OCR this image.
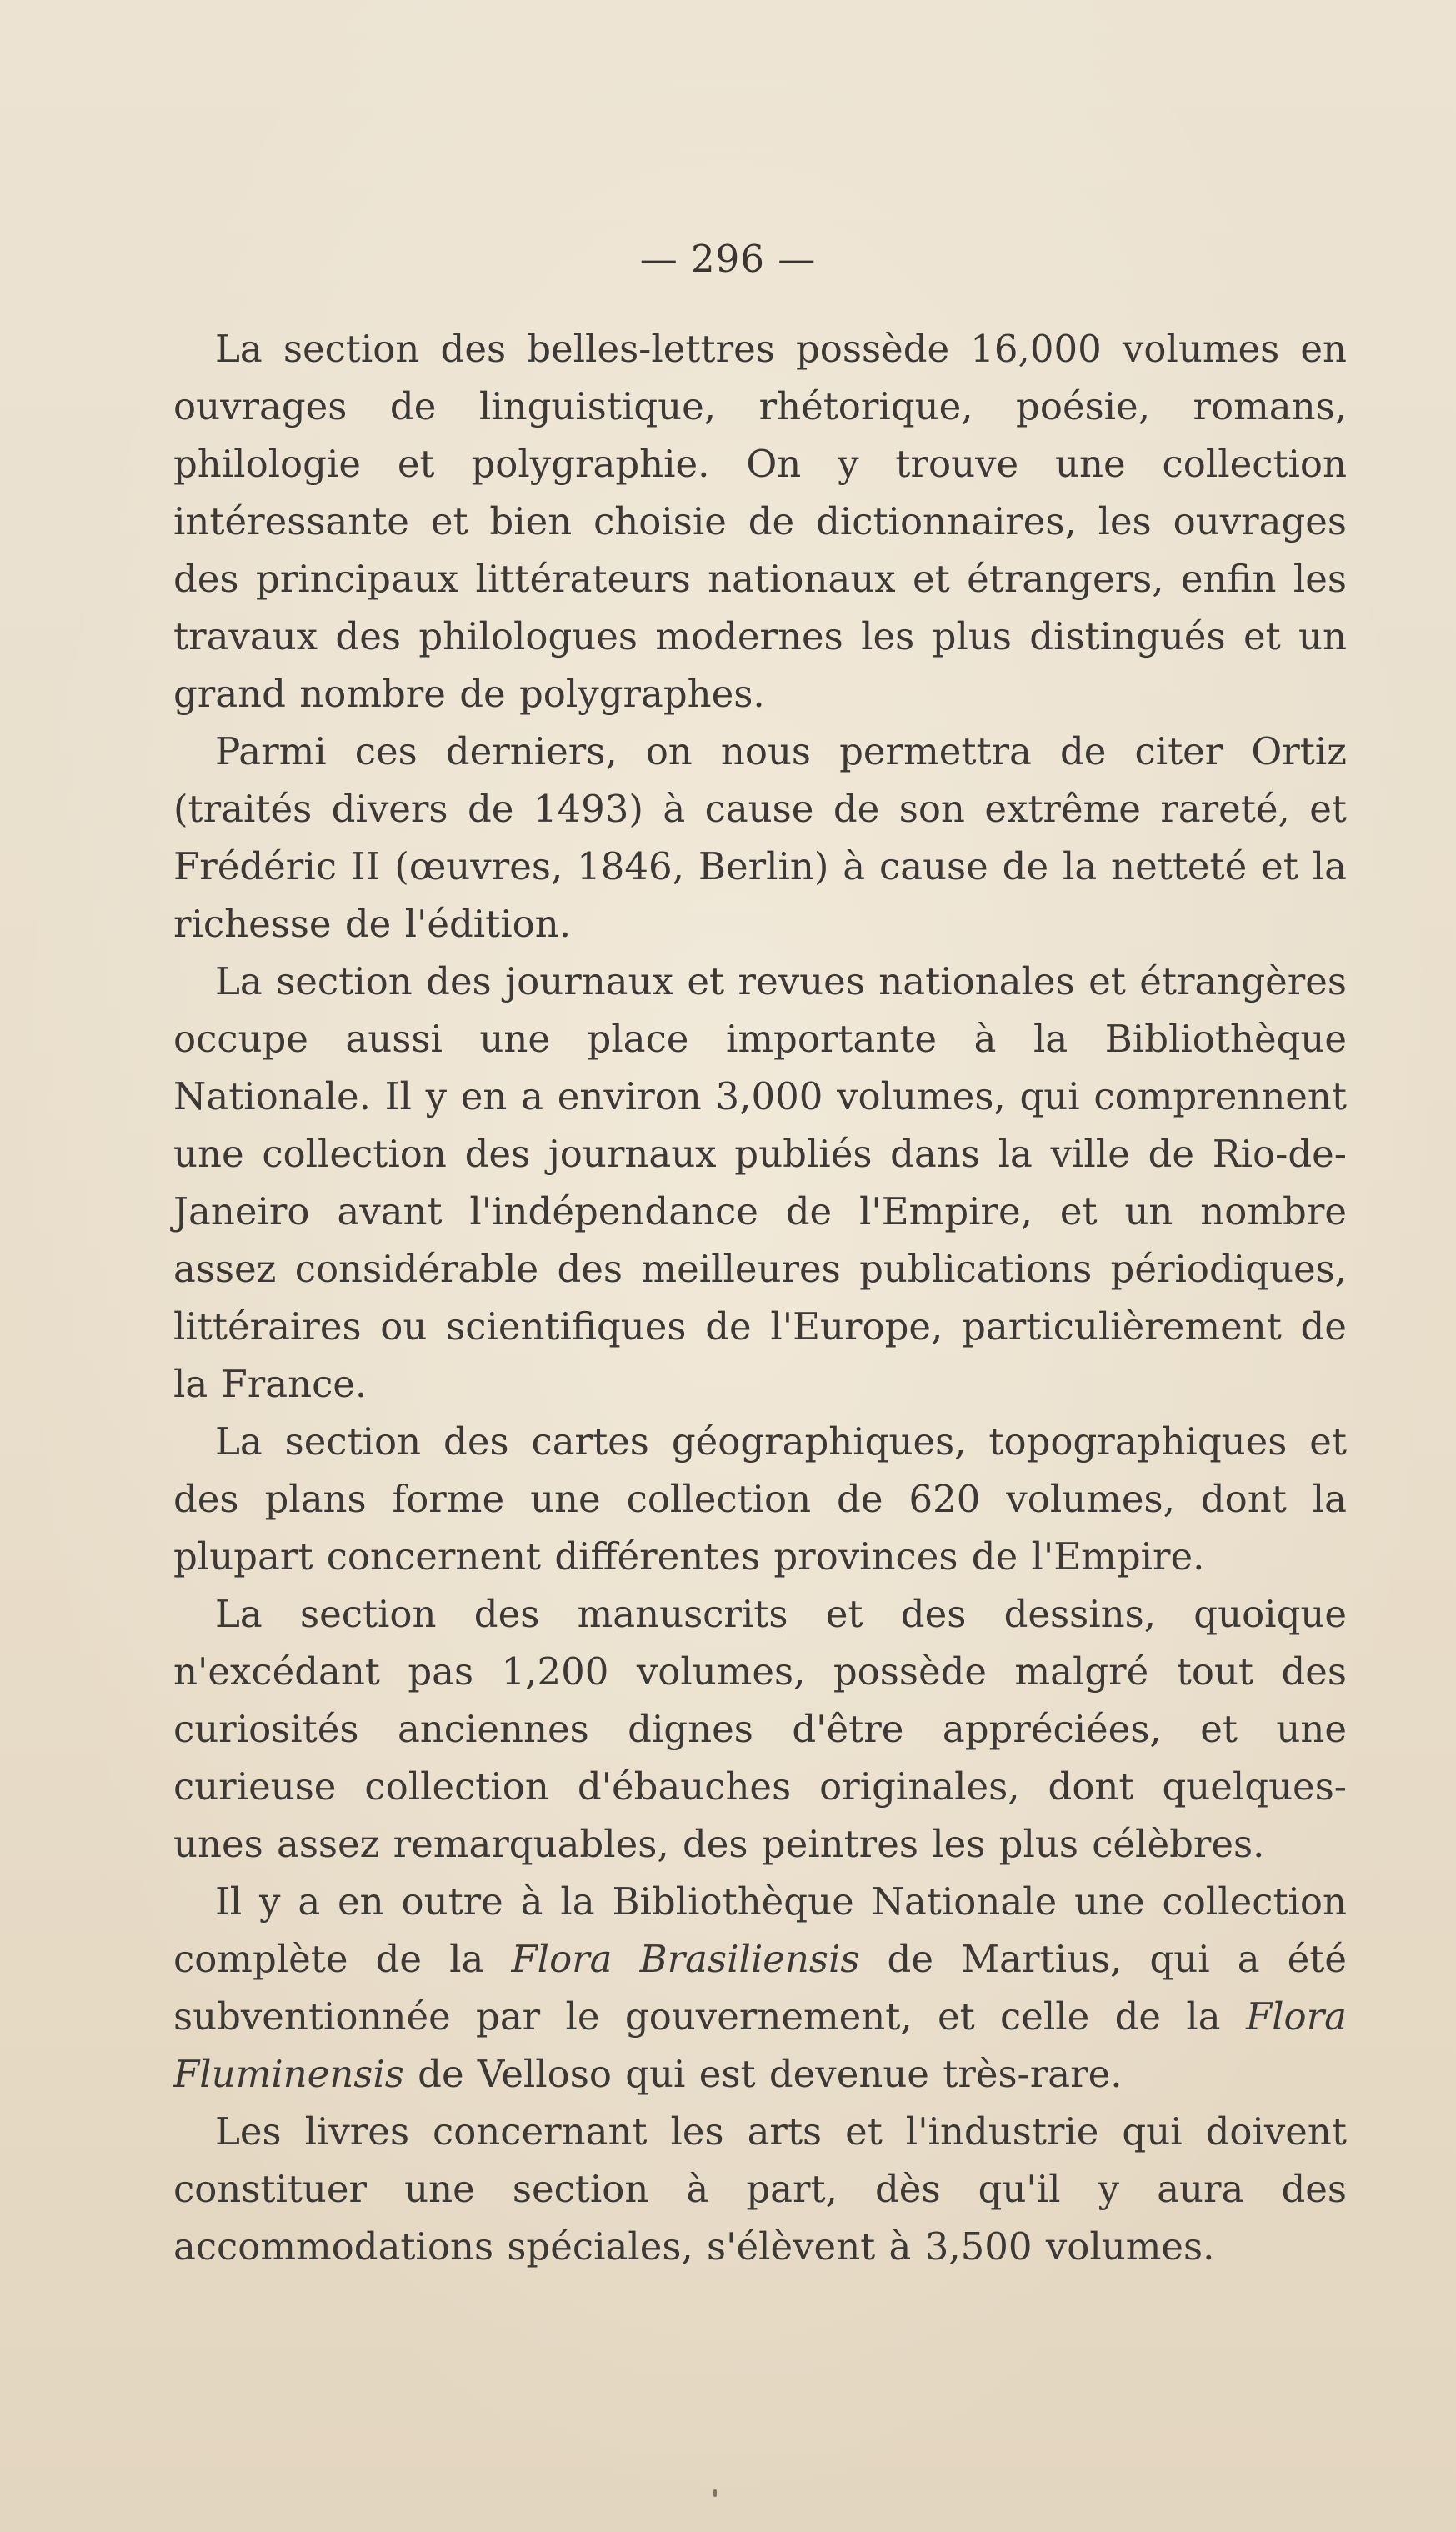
— 296 —

La section des belles-lettres possède 16,000 volumes en ouvrages de linguistique, rhétorique, poésie, romans, philologie et polygraphie. On y trouve une collection intéressante et bien choisie de dictionnaires, les ouvrages des principaux littérateurs nationaux et étrangers, enfin les travaux des philologues modernes les plus distingués et un grand nombre de polygraphes.

Parmi ces derniers, on nous permettra de citer Ortiz (traités divers de 1493) à cause de son extrême rareté, et Frédéric II (œuvres, 1846, Berlin) à cause de la netteté et la richesse de l'édition.

La section des journaux et revues nationales et étrangères occupe aussi une place importante à la Bibliothèque Nationale. Il y en a environ 3,000 volumes, qui comprennent une collection des journaux publiés dans la ville de Rio-de-Janeiro avant l'indépendance de l'Empire, et un nombre assez considérable des meilleures publications périodiques, littéraires ou scientifiques de l'Europe, particulièrement de la France.

La section des cartes géographiques, topographiques et des plans forme une collection de 620 volumes, dont la plupart concernent différentes provinces de l'Empire.

La section des manuscrits et des dessins, quoique n'excédant pas 1,200 volumes, possède malgré tout des curiosités anciennes dignes d'être appréciées, et une curieuse collection d'ébauches originales, dont quelques-unes assez remarquables, des peintres les plus célèbres.

Il y a en outre à la Bibliothèque Nationale une collection complète de la Flora Brasiliensis de Martius, qui a été subventionnée par le gouvernement, et celle de la Flora Fluminensis de Velloso qui est devenue très-rare.

Les livres concernant les arts et l'industrie qui doivent constituer une section à part, dès qu'il y aura des accommodations spéciales, s'élèvent à 3,500 volumes.
